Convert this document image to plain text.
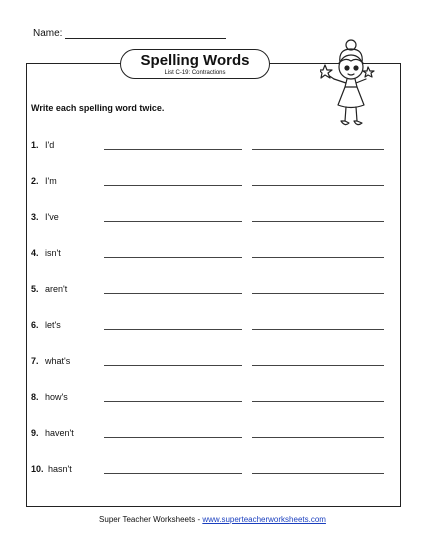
Name:
Spelling Words
List C-19: Contractions
Write each spelling word twice.
1. I'd
2. I'm
3. I've
4. isn't
5. aren't
6. let's
7. what's
8. how's
9. haven't
10. hasn't
Super Teacher Worksheets - www.superteacherworksheets.com
